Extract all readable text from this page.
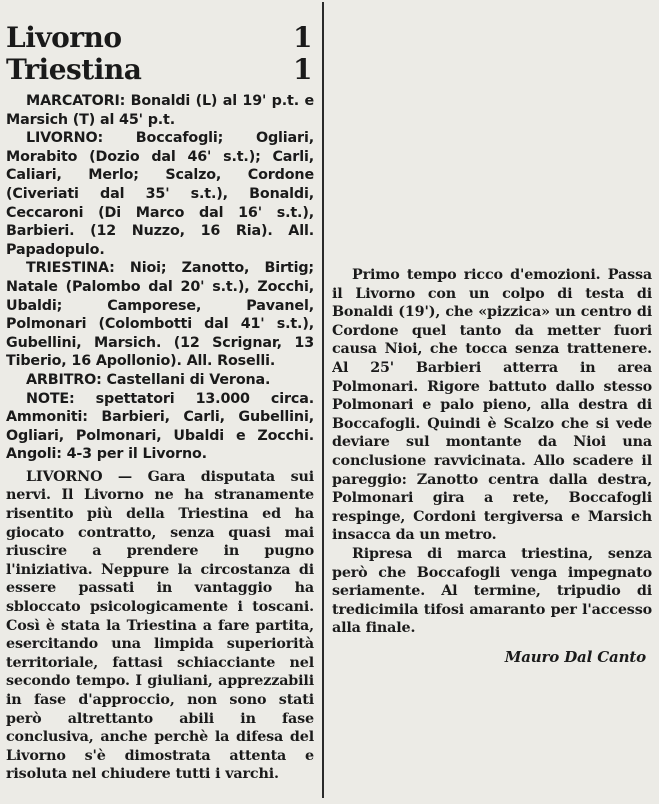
Livorno	1
Triestina	1

MARCATORI: Bonaldi (L) al 19' p.t. e Marsich (T) al 45' p.t.

LIVORNO: Boccafogli; Ogliari, Morabito (Dozio dal 46' s.t.); Carli, Caliari, Merlo; Scalzo, Cordone (Civeriati dal 35' s.t.), Bonaldi, Ceccaroni (Di Marco dal 16' s.t.), Barbieri. (12 Nuzzo, 16 Ria). All. Papadopulo.

TRIESTINA: Nioi; Zanotto, Birtig; Natale (Palombo dal 20' s.t.), Zocchi, Ubaldi; Camporese, Pavanel, Polmonari (Colombotti dal 41' s.t.), Gubellini, Marsich. (12 Scrignar, 13 Tiberio, 16 Apollonio). All. Roselli.

ARBITRO: Castellani di Verona.

NOTE: spettatori 13.000 circa. Ammoniti: Barbieri, Carli, Gubellini, Ogliari, Polmonari, Ubaldi e Zocchi. Angoli: 4-3 per il Livorno.

LIVORNO — Gara disputata sui nervi. Il Livorno ne ha stranamente risentito più della Triestina ed ha giocato contratto, senza quasi mai riuscire a prendere in pugno l'iniziativa. Neppure la circostanza di essere passati in vantaggio ha sbloccato psicologicamente i toscani. Così è stata la Triestina a fare partita, esercitando una limpida superiorità territoriale, fattasi schiacciante nel secondo tempo. I giuliani, apprezzabili in fase d'approccio, non sono stati però altrettanto abili in fase conclusiva, anche perchè la difesa del Livorno s'è dimostrata attenta e risoluta nel chiudere tutti i varchi.

Primo tempo ricco d'emozioni. Passa il Livorno con un colpo di testa di Bonaldi (19'), che «pizzica» un centro di Cordone quel tanto da metter fuori causa Nioi, che tocca senza trattenere. Al 25' Barbieri atterra in area Polmonari. Rigore battuto dallo stesso Polmonari e palo pieno, alla destra di Boccafogli. Quindi è Scalzo che si vede deviare sul montante da Nioi una conclusione ravvicinata. Allo scadere il pareggio: Zanotto centra dalla destra, Polmonari gira a rete, Boccafogli respinge, Cordoni tergiversa e Marsich insacca da un metro.

Ripresa di marca triestina, senza però che Boccafogli venga impegnato seriamente. Al termine, tripudio di tredicimila tifosi amaranto per l'accesso alla finale.

Mauro Dal Canto
